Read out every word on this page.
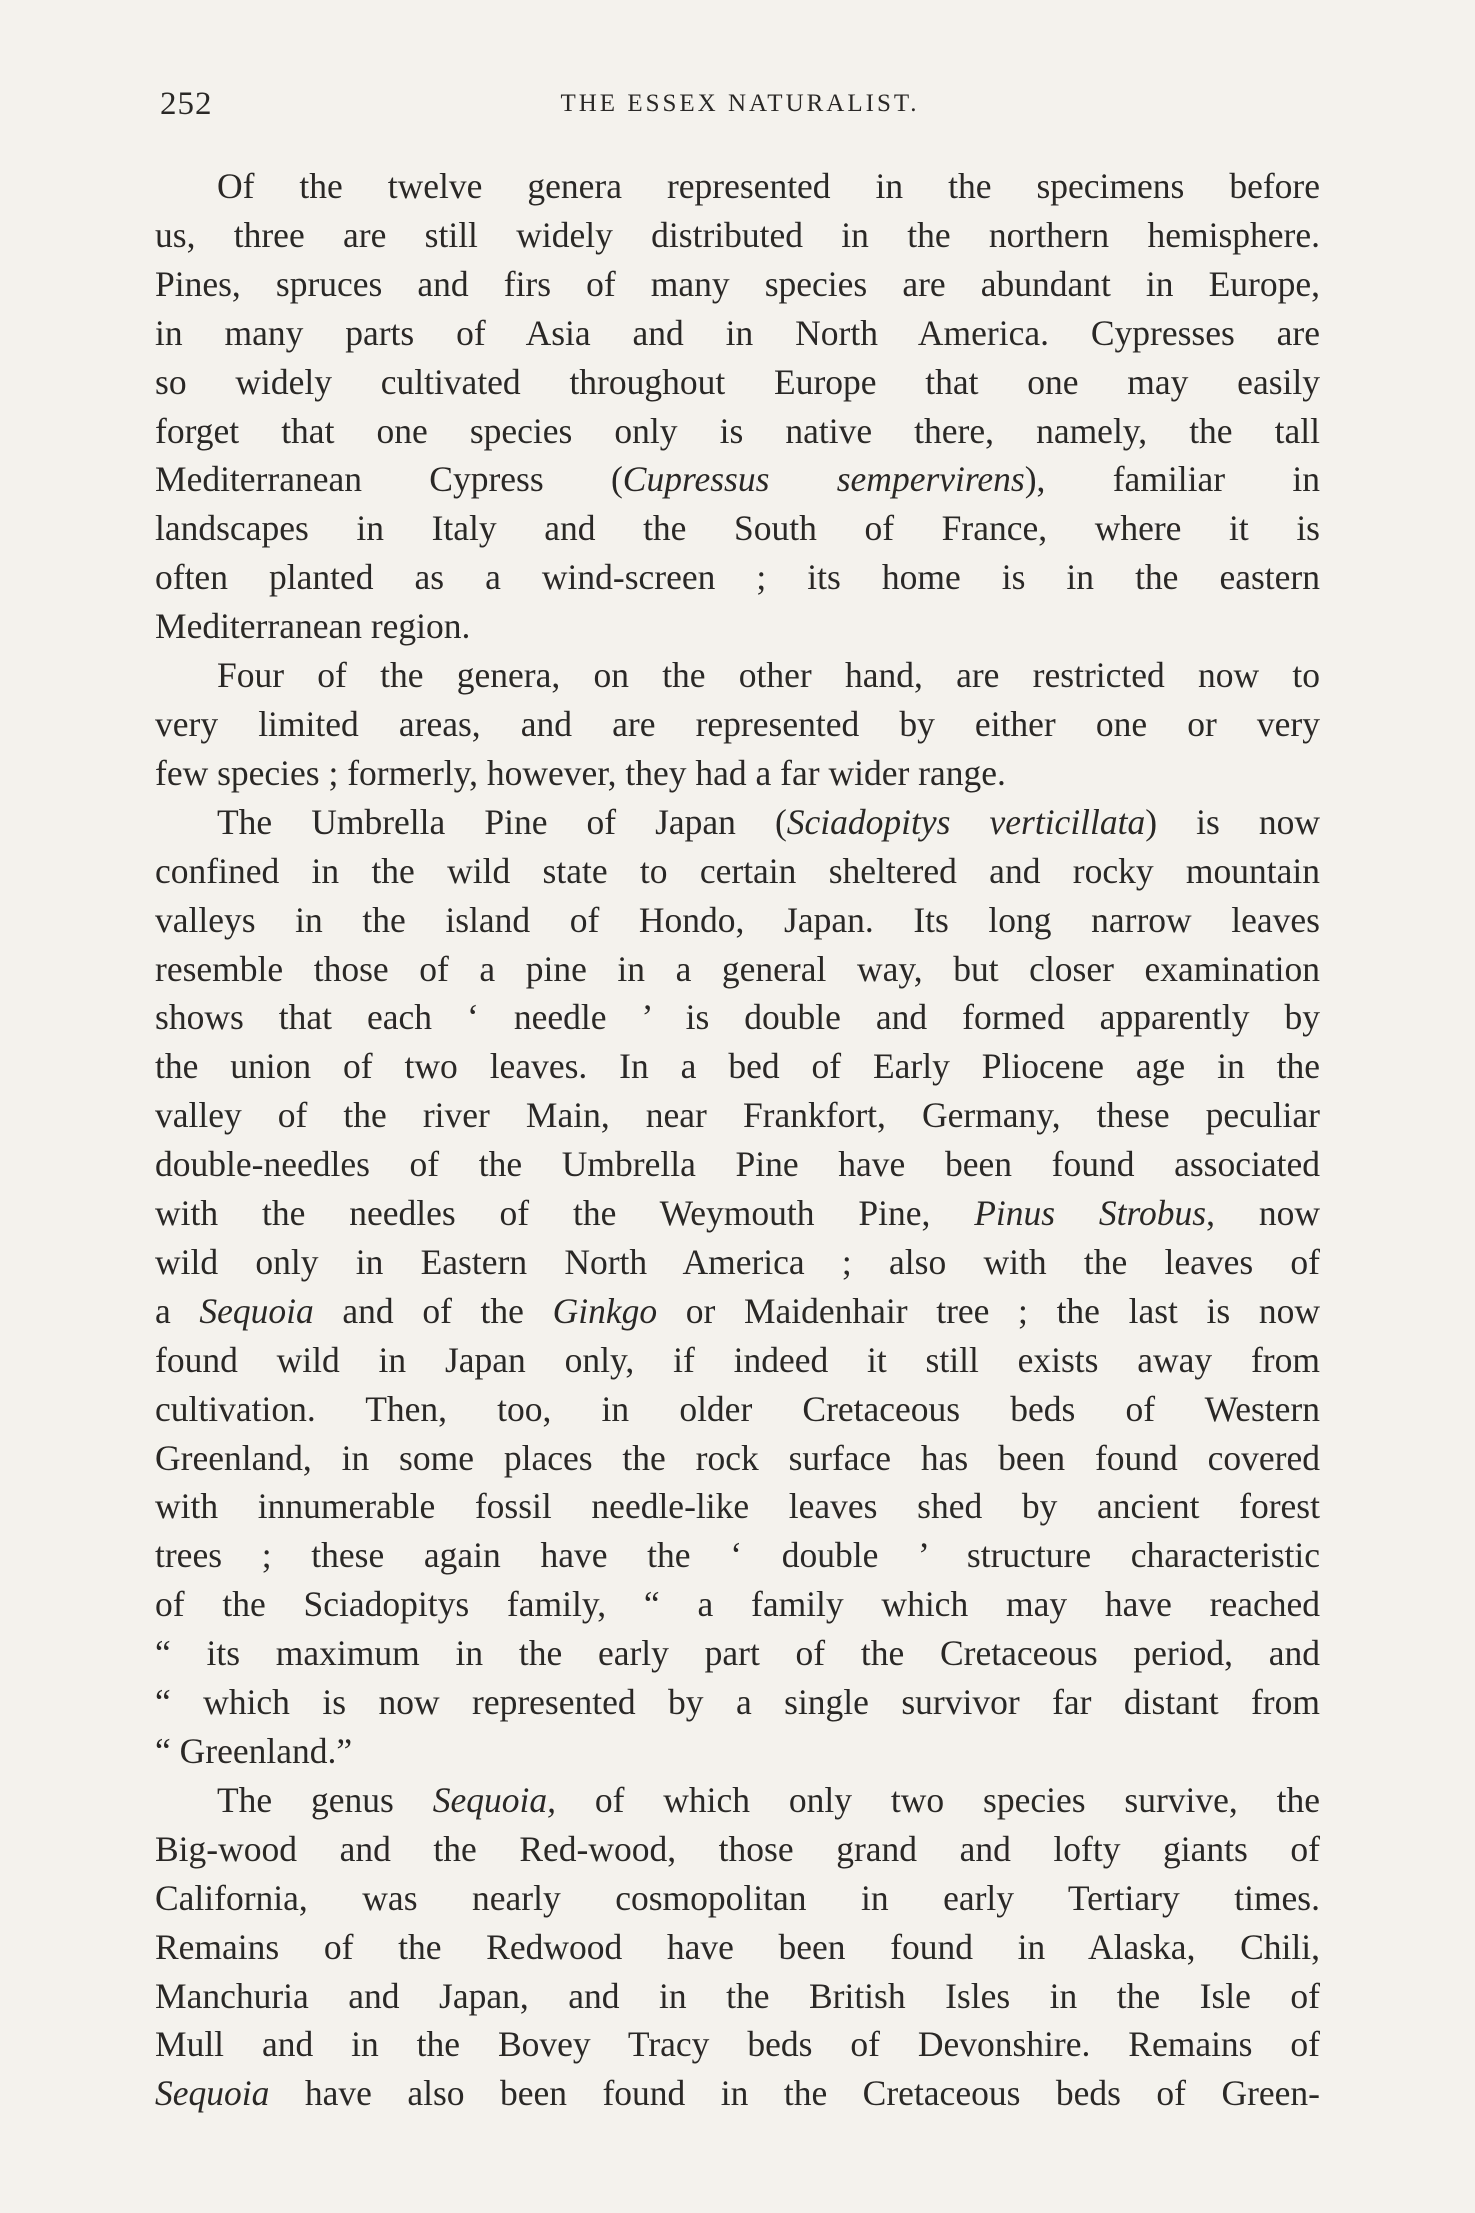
252	THE ESSEX NATURALIST.

Of the twelve genera represented in the specimens before
us, three are still widely distributed in the northern hemisphere.
Pines, spruces and firs of many species are abundant in Europe,
in many parts of Asia and in North America. Cypresses are
so widely cultivated throughout Europe that one may easily
forget that one species only is native there, namely, the tall
Mediterranean Cypress (Cupressus sempervirens), familiar in
landscapes in Italy and the South of France, where it is
often planted as a wind-screen ; its home is in the eastern
Mediterranean region.

Four of the genera, on the other hand, are restricted now to
very limited areas, and are represented by either one or very
few species ; formerly, however, they had a far wider range.

The Umbrella Pine of Japan (Sciadopitys verticillata) is now
confined in the wild state to certain sheltered and rocky mountain
valleys in the island of Hondo, Japan. Its long narrow leaves
resemble those of a pine in a general way, but closer examination
shows that each ‘ needle ’ is double and formed apparently by
the union of two leaves. In a bed of Early Pliocene age in the
valley of the river Main, near Frankfort, Germany, these peculiar
double-needles of the Umbrella Pine have been found associated
with the needles of the Weymouth Pine, Pinus Strobus, now
wild only in Eastern North America ; also with the leaves of
a Sequoia and of the Ginkgo or Maidenhair tree ; the last is now
found wild in Japan only, if indeed it still exists away from
cultivation. Then, too, in older Cretaceous beds of Western
Greenland, in some places the rock surface has been found covered
with innumerable fossil needle-like leaves shed by ancient forest
trees ; these again have the ‘ double ’ structure characteristic
of the Sciadopitys family, “ a family which may have reached
“ its maximum in the early part of the Cretaceous period, and
“ which is now represented by a single survivor far distant from
“ Greenland.”

The genus Sequoia, of which only two species survive, the
Big-wood and the Red-wood, those grand and lofty giants of
California, was nearly cosmopolitan in early Tertiary times.
Remains of the Redwood have been found in Alaska, Chili,
Manchuria and Japan, and in the British Isles in the Isle of
Mull and in the Bovey Tracy beds of Devonshire. Remains of
Sequoia have also been found in the Cretaceous beds of Green-
